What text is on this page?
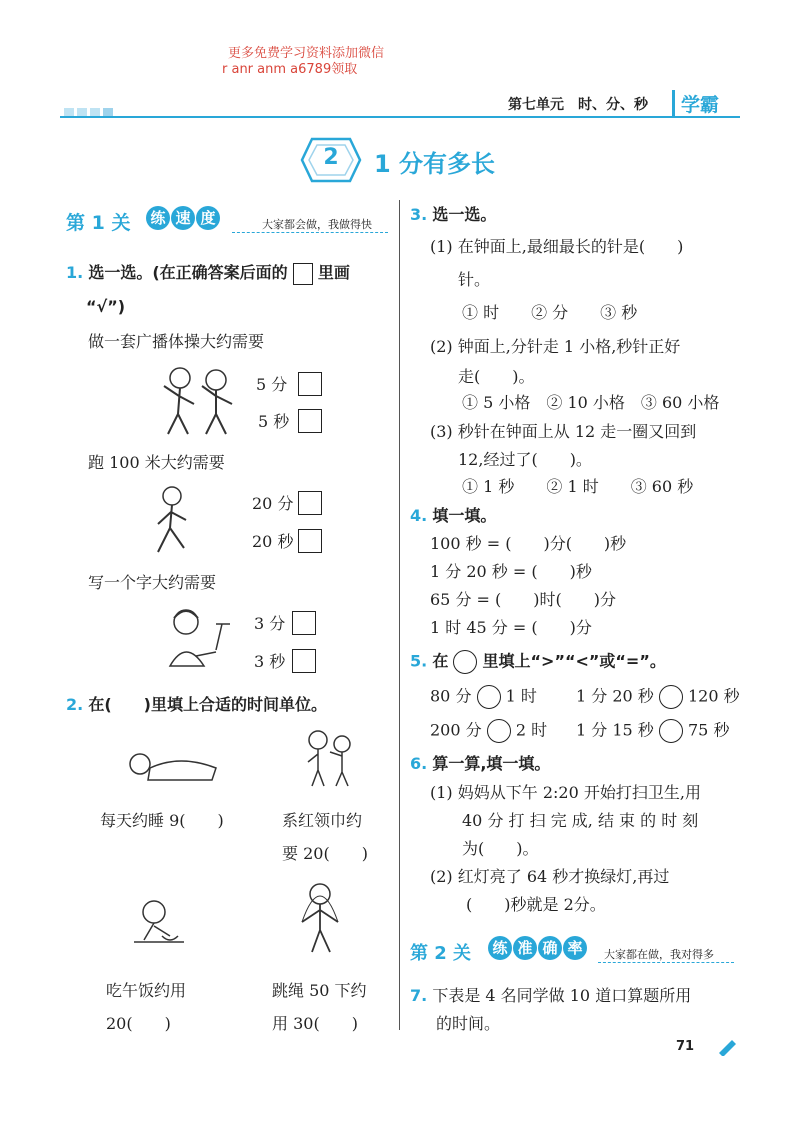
更多免费学习资料添加微信
r anr anm a6789领取
第七单元　时、分、秒	学霸
2	1 分有多长
第 1 关 练 速 度	大家都会做，我做得快
1. 选一选。(在正确答案后面的 里画
“√”)
做一套广播体操大约需要
5 分
5 秒
跑 100 米大约需要
20 分
20 秒
写一个字大约需要
3 分
3 秒
2. 在(　　)里填上合适的时间单位。
每天约睡 9(　　)	系红领巾约
要 20(　　)
吃午饭约用
20(　　)
跳绳 50 下约
用 30(　　)
3. 选一选。
(1) 在钟面上,最细最长的针是(　　)
针。
① 时　　② 分　　③ 秒
(2) 钟面上,分针走 1 小格,秒针正好
走(　　)。
① 5 小格　② 10 小格　③ 60 小格
(3) 秒针在钟面上从 12 走一圈又回到
12,经过了(　　)。
① 1 秒　　② 1 时　　③ 60 秒
4. 填一填。
100 秒 = (　　)分(　　)秒
1 分 20 秒 = (　　)秒
65 分 = (　　)时(　　)分
1 时 45 分 = (　　)分
5. 在 里填上“>”“<”或“=”。
80 分 1 时 1 分 20 秒 120 秒
200 分 2 时 1 分 15 秒 75 秒
6. 算一算,填一填。
(1) 妈妈从下午 2:20 开始打扫卫生,用
40 分 打 扫 完 成, 结 束 的 时 刻
为(　　)。
(2) 红灯亮了 64 秒才换绿灯,再过
(　　)秒就是 2分。
第 2 关 练 准 确 率	大家都在做，我对得多
7. 下表是 4 名同学做 10 道口算题所用
的时间。
71
